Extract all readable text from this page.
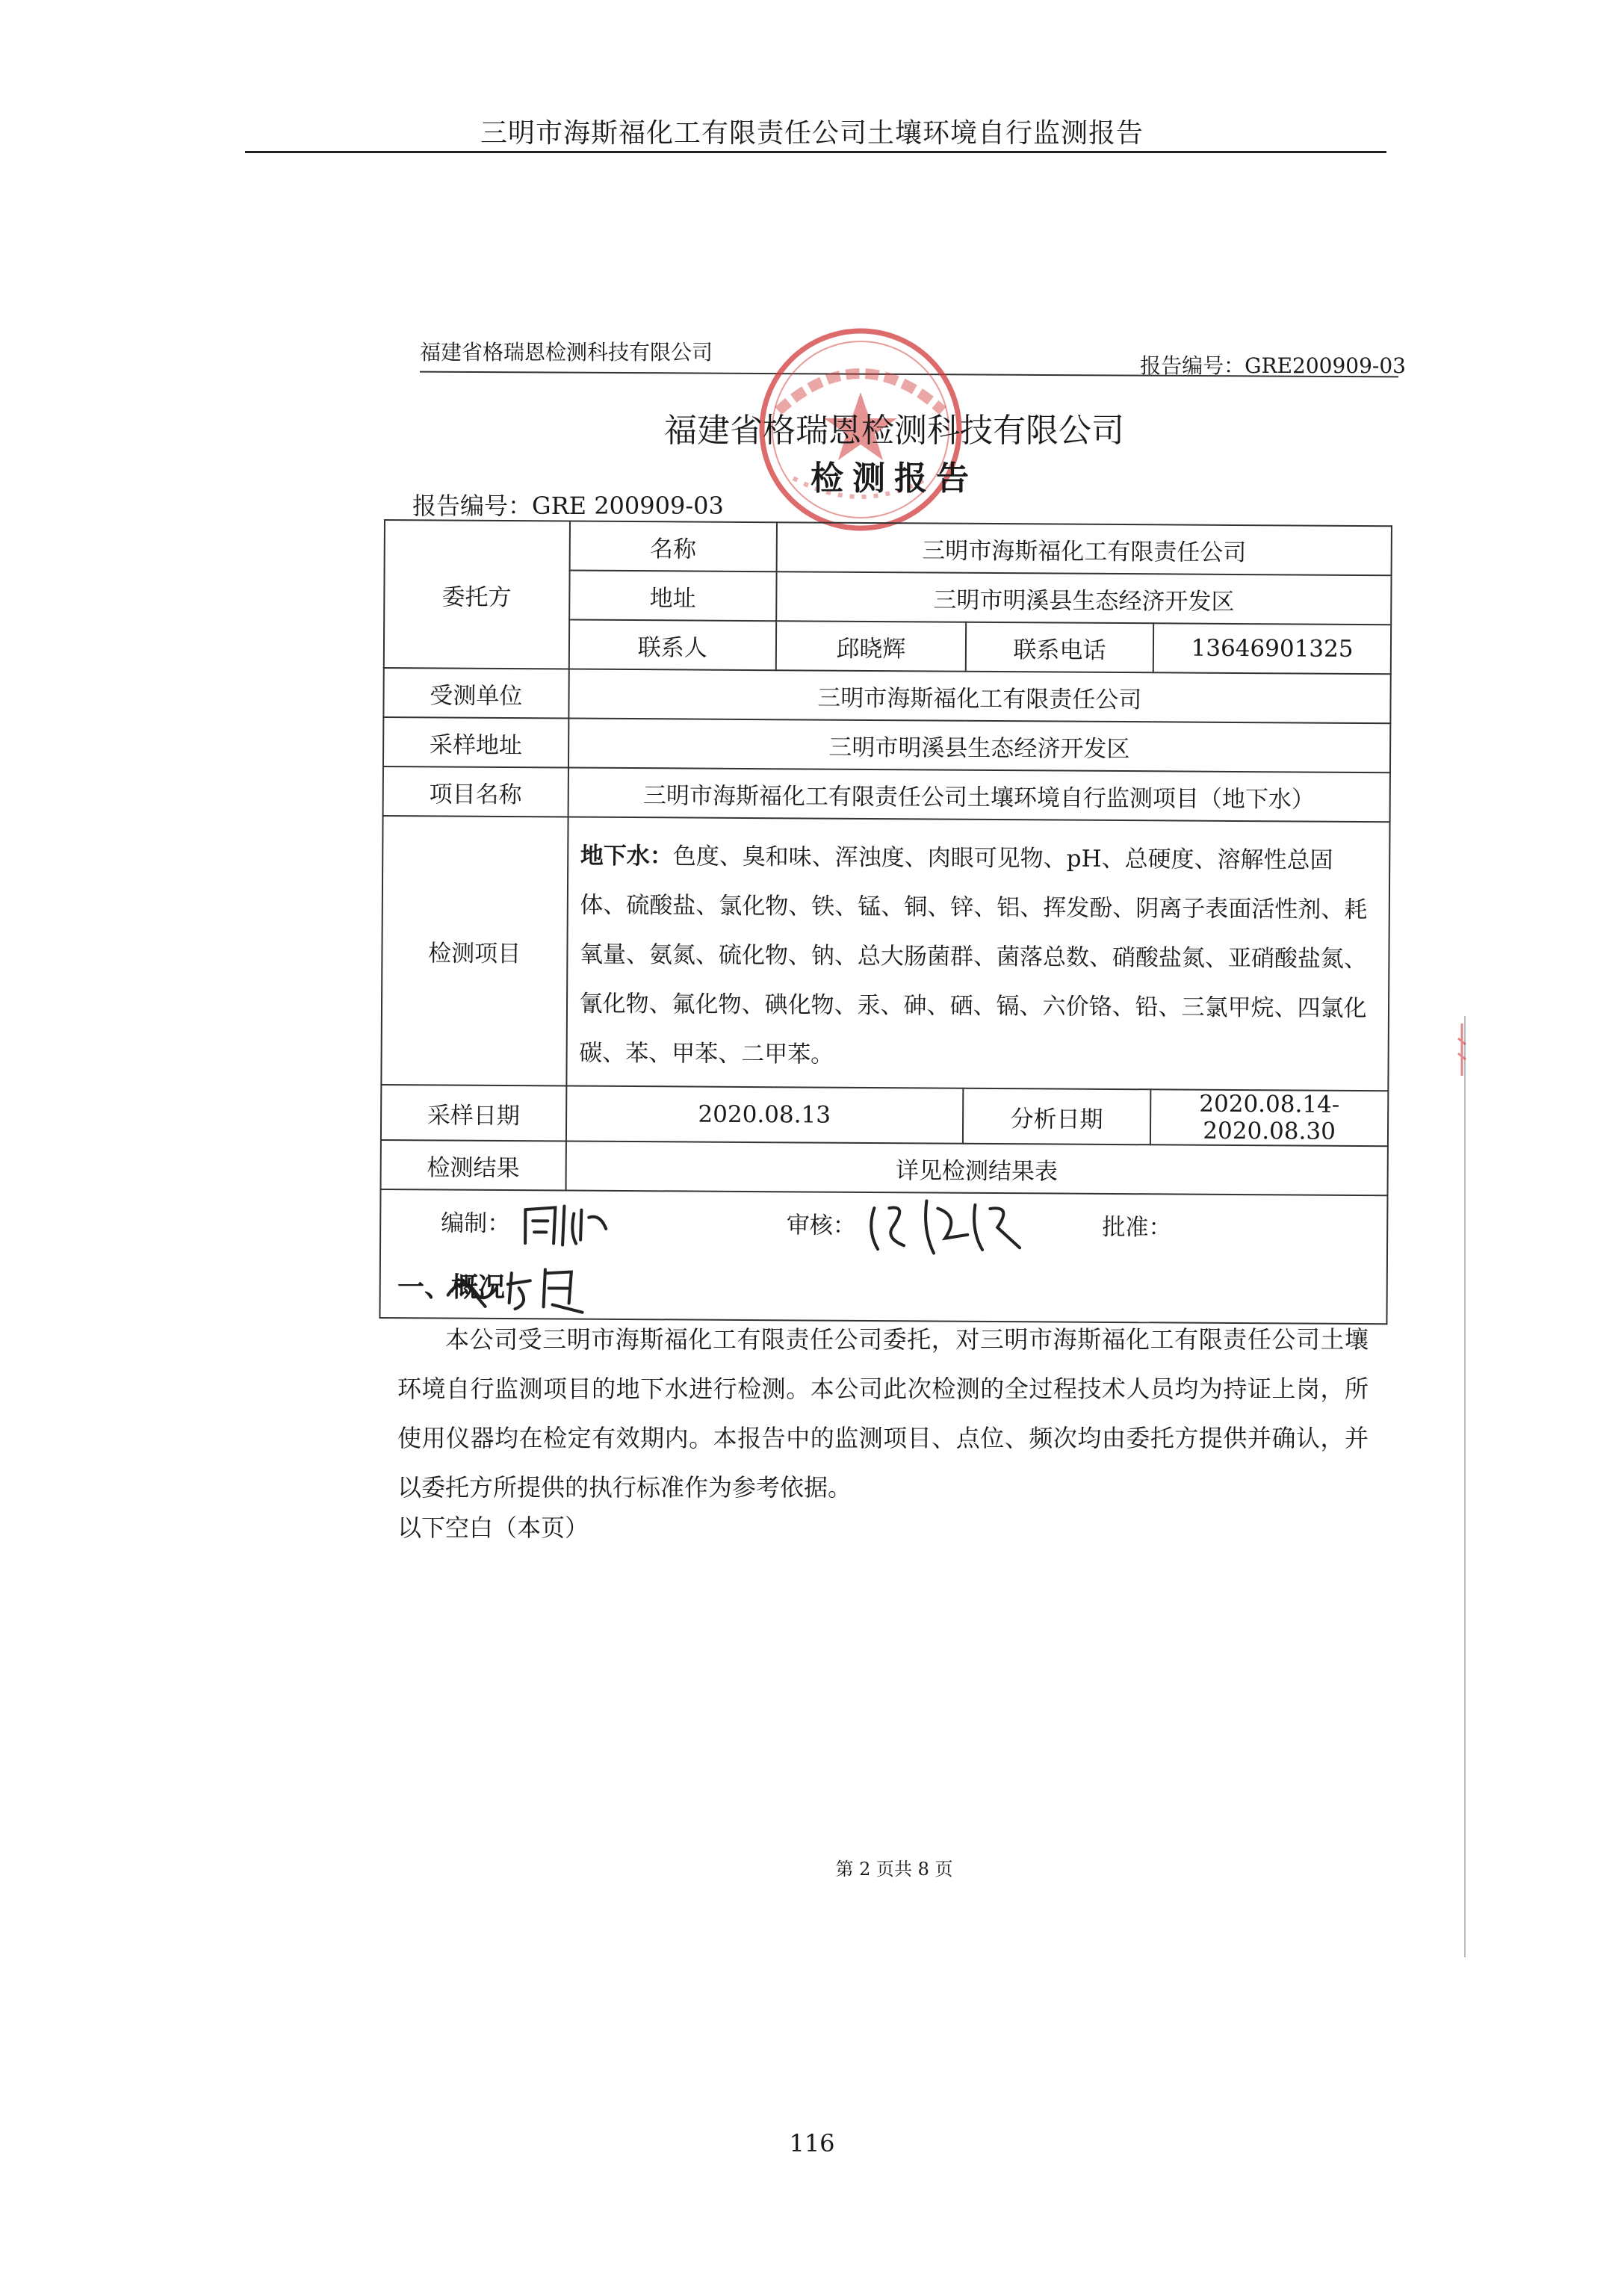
三明市海斯福化工有限责任公司土壤环境自行监测报告
福建省格瑞恩检测科技有限公司
报告编号：GRE200909-03
福建省格瑞恩检测科技有限公司
检测报告
报告编号：GRE 200909-03
委托方	名称	三明市海斯福化工有限责任公司		
	地址	三明市明溪县生态经济开发区		
	联系人	邱晓辉	联系电话	13646901325
受测单位	三明市海斯福化工有限责任公司			
采样地址	三明市明溪县生态经济开发区			
项目名称	三明市海斯福化工有限责任公司土壤环境自行监测项目（地下水）			
检测项目	地下水：色度、臭和味、浑浊度、肉眼可见物、pH、总硬度、溶解性总固体、硫酸盐、氯化物、铁、锰、铜、锌、铝、挥发酚、阴离子表面活性剂、耗氧量、氨氮、硫化物、钠、总大肠菌群、菌落总数、硝酸盐氮、亚硝酸盐氮、氰化物、氟化物、碘化物、汞、砷、硒、镉、六价铬、铅、三氯甲烷、四氯化碳、苯、甲苯、二甲苯。			
采样日期	2020.08.13		分析日期	2020.08.14-2020.08.30
检测结果	详见检测结果表			
编制： 审核： 批准：				
一、概况
本公司受三明市海斯福化工有限责任公司委托，对三明市海斯福化工有限责任公司土壤环境自行监测项目的地下水进行检测。本公司此次检测的全过程技术人员均为持证上岗，所使用仪器均在检定有效期内。本报告中的监测项目、点位、频次均由委托方提供并确认，并以委托方所提供的执行标准作为参考依据。
以下空白（本页）
第 2 页共 8 页
116
